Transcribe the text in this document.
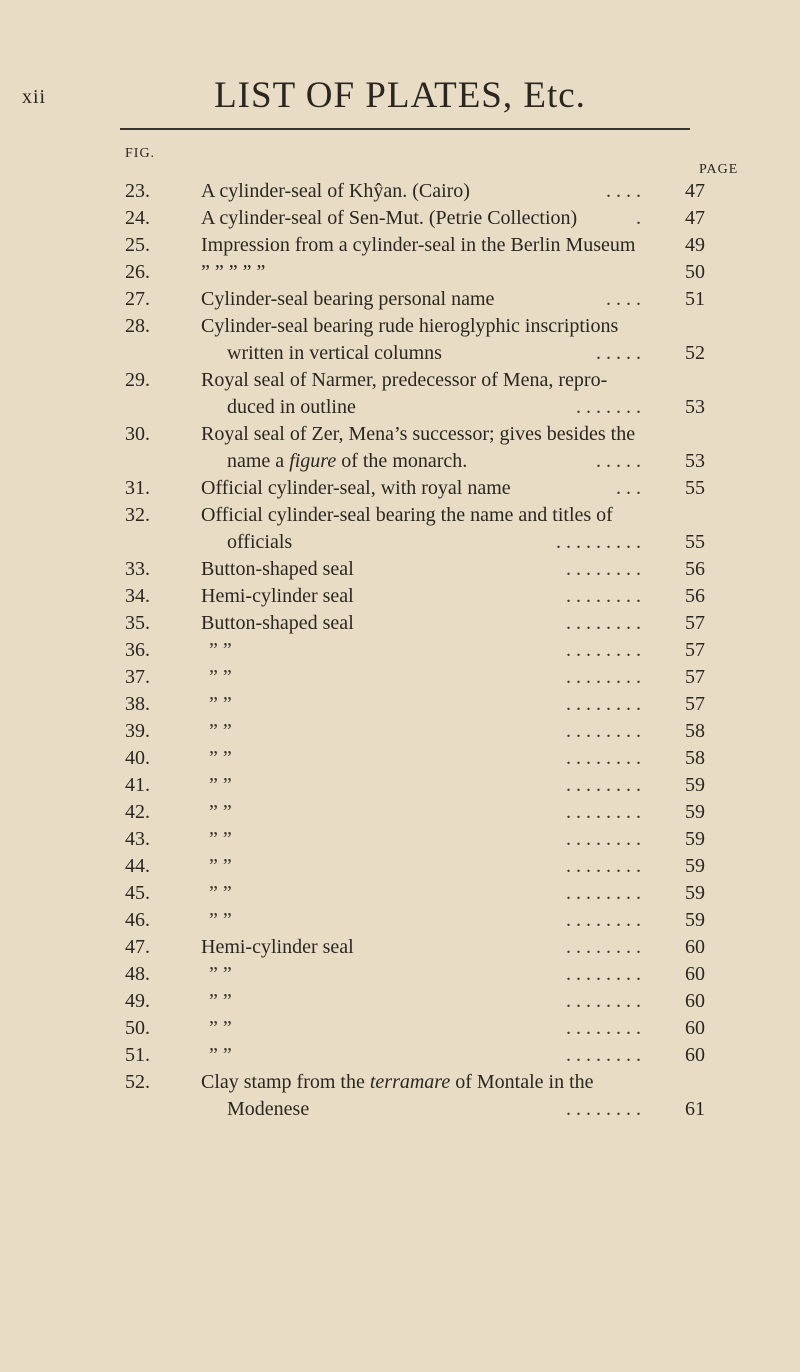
xii	LIST OF PLATES, Etc.
FIG.
PAGE
23.	A cylinder-seal of Khŷan. (Cairo)	. . . .	47
24.	A cylinder-seal of Sen-Mut. (Petrie Collection)	.	47
25.	Impression from a cylinder-seal in the Berlin Museum	49
26.	” ” ” ” ”	50
27.	Cylinder-seal bearing personal name	. . . .	51
28.	Cylinder-seal bearing rude hieroglyphic inscriptions
written in vertical columns	. . . . .	52
29.	Royal seal of Narmer, predecessor of Mena, repro-
duced in outline	. . . . . . .	53
30.	Royal seal of Zer, Mena’s successor; gives besides the
name a figure of the monarch.	. . . . .	53
31.	Official cylinder-seal, with royal name	. . .	55
32.	Official cylinder-seal bearing the name and titles of
officials	. . . . . . . . .	55
33.	Button-shaped seal	. . . . . . . .	56
34.	Hemi-cylinder seal	. . . . . . . .	56
35.	Button-shaped seal	. . . . . . . .	57
36.	” ”	. . . . . . . .	57
37.	” ”	. . . . . . . .	57
38.	” ”	. . . . . . . .	57
39.	” ”	. . . . . . . .	58
40.	” ”	. . . . . . . .	58
41.	” ”	. . . . . . . .	59
42.	” ”	. . . . . . . .	59
43.	” ”	. . . . . . . .	59
44.	” ”	. . . . . . . .	59
45.	” ”	. . . . . . . .	59
46.	” ”	. . . . . . . .	59
47.	Hemi-cylinder seal	. . . . . . . .	60
48.	” ”	. . . . . . . .	60
49.	” ”	. . . . . . . .	60
50.	” ”	. . . . . . . .	60
51.	” ”	. . . . . . . .	60
52.	Clay stamp from the terramare of Montale in the
Modenese	. . . . . . . .	61
